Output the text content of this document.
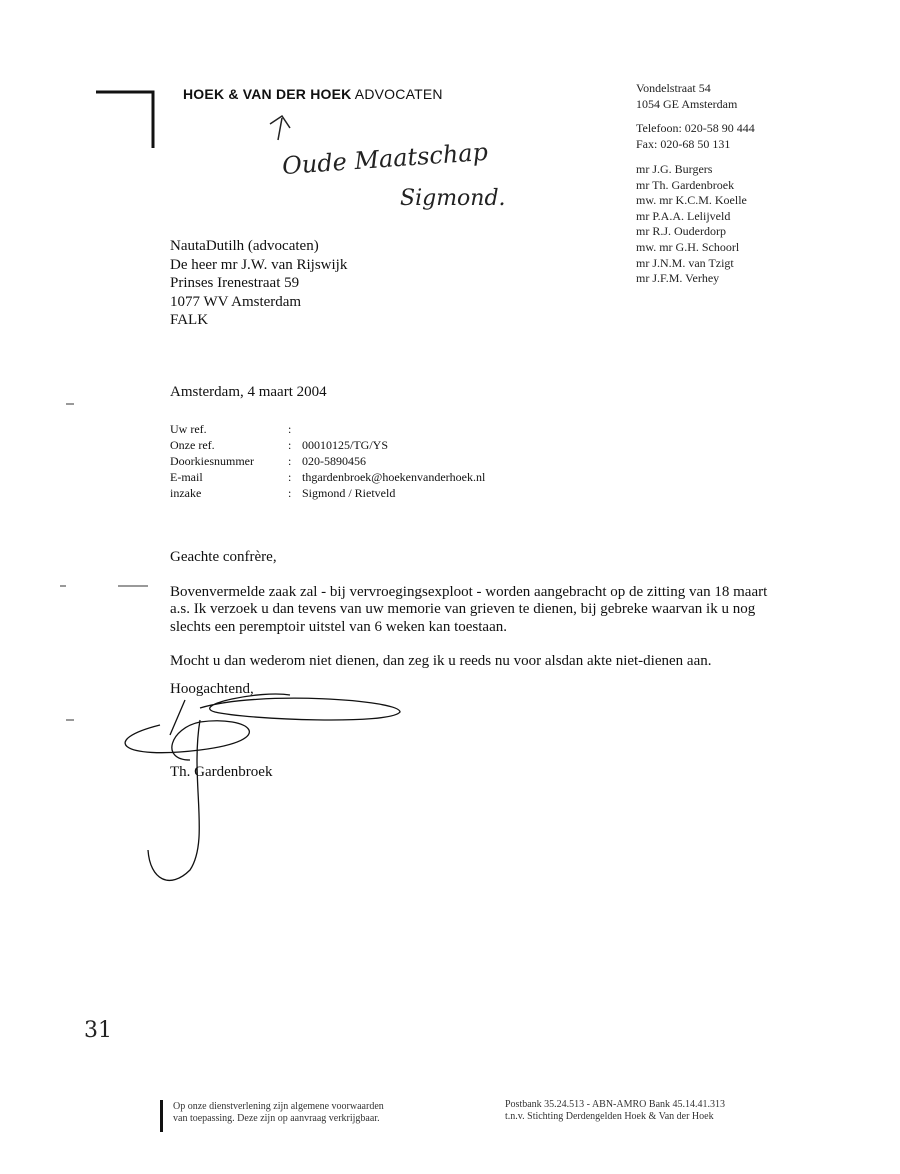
HOEK & VAN DER HOEK ADVOCATEN	Vondelstraat 54
1054 GE Amsterdam
Telefoon: 020-58 90 444
Fax: 020-68 50 131
mr J.G. Burgers
mr Th. Gardenbroek
mw. mr K.C.M. Koelle
mr P.A.A. Lelijveld
mr R.J. Ouderdorp
mw. mr G.H. Schoorl
mr J.N.M. van Tzigt
mr J.F.M. Verhey
Oude Maatschap
Sigmond.
31
NautaDutilh (advocaten)
De heer mr J.W. van Rijswijk
Prinses Irenestraat 59
1077 WV Amsterdam
FALK
Amsterdam, 4 maart 2004
Uw ref.	:
Onze ref.	: 00010125/TG/YS
Doorkiesnummer	: 020-5890456
E-mail	: thgardenbroek@hoekenvanderhoek.nl
inzake	: Sigmond / Rietveld

Geachte confrère,

Bovenvermelde zaak zal - bij vervroegingsexploot - worden aangebracht op de zitting van 18 maart a.s. Ik verzoek u dan tevens van uw memorie van grieven te dienen, bij gebreke waarvan ik u nog slechts een peremptoir uitstel van 6 weken kan toestaan.

Mocht u dan wederom niet dienen, dan zeg ik u reeds nu voor alsdan akte niet-dienen aan.

Hoogachtend,
Th. Gardenbroek
Op onze dienstverlening zijn algemene voorwaarden
van toepassing. Deze zijn op aanvraag verkrijgbaar.
Postbank 35.24.513 - ABN-AMRO Bank 45.14.41.313
t.n.v. Stichting Derdengelden Hoek & Van der Hoek
